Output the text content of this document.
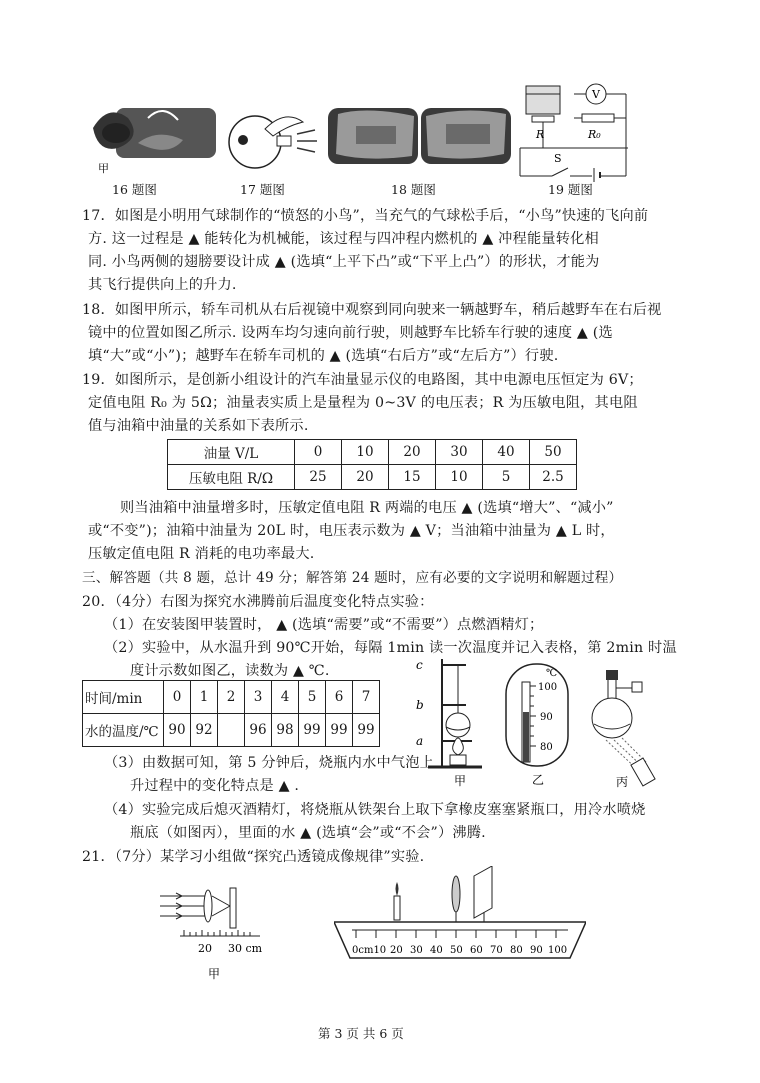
甲
V
R	R₀
S
16 题图	17 题图	18 题图	19 题图
17．如图是小明用气球制作的“愤怒的小鸟”，当充气的气球松手后，“小鸟”快速的飞向前
方. 这一过程是 ▲ 能转化为机械能，该过程与四冲程内燃机的 ▲ 冲程能量转化相
同. 小鸟两侧的翅膀要设计成 ▲ (选填“上平下凸”或“下平上凸”）的形状，才能为
其飞行提供向上的升力.
18．如图甲所示，轿车司机从右后视镜中观察到同向驶来一辆越野车，稍后越野车在右后视
镜中的位置如图乙所示. 设两车均匀速向前行驶，则越野车比轿车行驶的速度 ▲ (选
填“大”或“小”)；越野车在轿车司机的 ▲ (选填“右后方”或“左后方”）行驶.
19．如图所示，是创新小组设计的汽车油量显示仪的电路图，其中电源电压恒定为 6V；
定值电阻 R₀ 为 5Ω；油量表实质上是量程为 0~3V 的电压表；R 为压敏电阻，其电阻
值与油箱中油量的关系如下表所示.
油量 V/L	0	10	20	30	40	50
压敏电阻 R/Ω	25	20	15	10	5	2.5
则当油箱中油量增多时，压敏定值电阻 R 两端的电压 ▲ (选填“增大”、“减小”
或“不变”)；油箱中油量为 20L 时，电压表示数为 ▲ V；当油箱中油量为 ▲ L 时，
压敏定值电阻 R 消耗的电功率最大.
三、解答题（共 8 题，总计 49 分；解答第 24 题时，应有必要的文字说明和解题过程）
20．（4分）右图为探究水沸腾前后温度变化特点实验：
（1）在安装图甲装置时， ▲ (选填“需要”或“不需要”）点燃酒精灯；
（2）实验中，从水温升到 90℃开始，每隔 1min 读一次温度并记入表格，第 2min 时温
度计示数如图乙，读数为 ▲ ℃.
时间/min	0	1	2	3	4	5	6	7
水的温度/℃	90	92		96	98	99	99	99
（3）由数据可知，第 5 分钟后，烧瓶内水中气泡上
升过程中的变化特点是 ▲ .
（4）实验完成后熄灭酒精灯，将烧瓶从铁架台上取下拿橡皮塞塞紧瓶口，用冷水喷烧
瓶底（如图丙），里面的水 ▲ (选填“会”或“不会”）沸腾.
c
b
a
甲
℃
100
90
80
乙	丙
21．（7分）某学习小组做“探究凸透镜成像规律”实验.
20 30 cm
甲
0cm10 20 30 40 50 60 70 80 90 100
第 3 页 共 6 页
